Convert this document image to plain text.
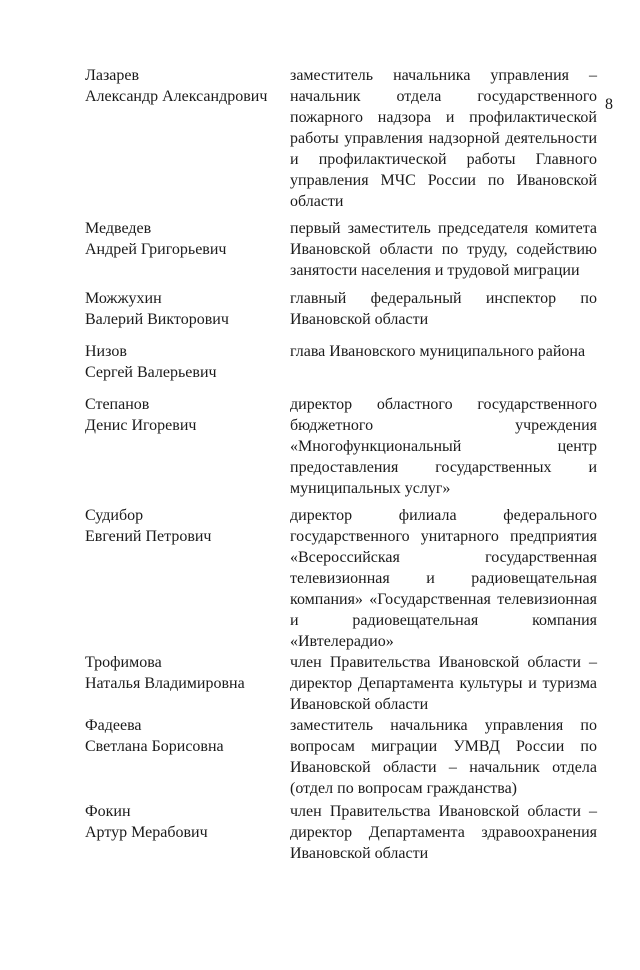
8
Лазарев
Александр Александрович
заместитель начальника управления – начальник отдела государственного пожарного надзора и профилактической работы управления надзорной деятельности и профилактической работы Главного управления МЧС России по Ивановской области
Медведев
Андрей Григорьевич
первый заместитель председателя комитета Ивановской области по труду, содействию занятости населения и трудовой миграции
Можжухин
Валерий Викторович
главный федеральный инспектор по Ивановской области
Низов
Сергей Валерьевич
глава Ивановского муниципального района
Степанов
Денис Игоревич
директор областного государственного бюджетного учреждения «Многофункциональный центр предоставления государственных и муниципальных услуг»
Судибор
Евгений Петрович
директор филиала федерального государственного унитарного предприятия «Всероссийская государственная телевизионная и радиовещательная компания» «Государственная телевизионная и радиовещательная компания «Ивтелерадио»
Трофимова
Наталья Владимировна
член Правительства Ивановской области – директор Департамента культуры и туризма Ивановской области
Фадеева
Светлана Борисовна
заместитель начальника управления по вопросам миграции УМВД России по Ивановской области – начальник отдела (отдел по вопросам гражданства)
Фокин
Артур Мерабович
член Правительства Ивановской области – директор Департамента здравоохранения Ивановской области
